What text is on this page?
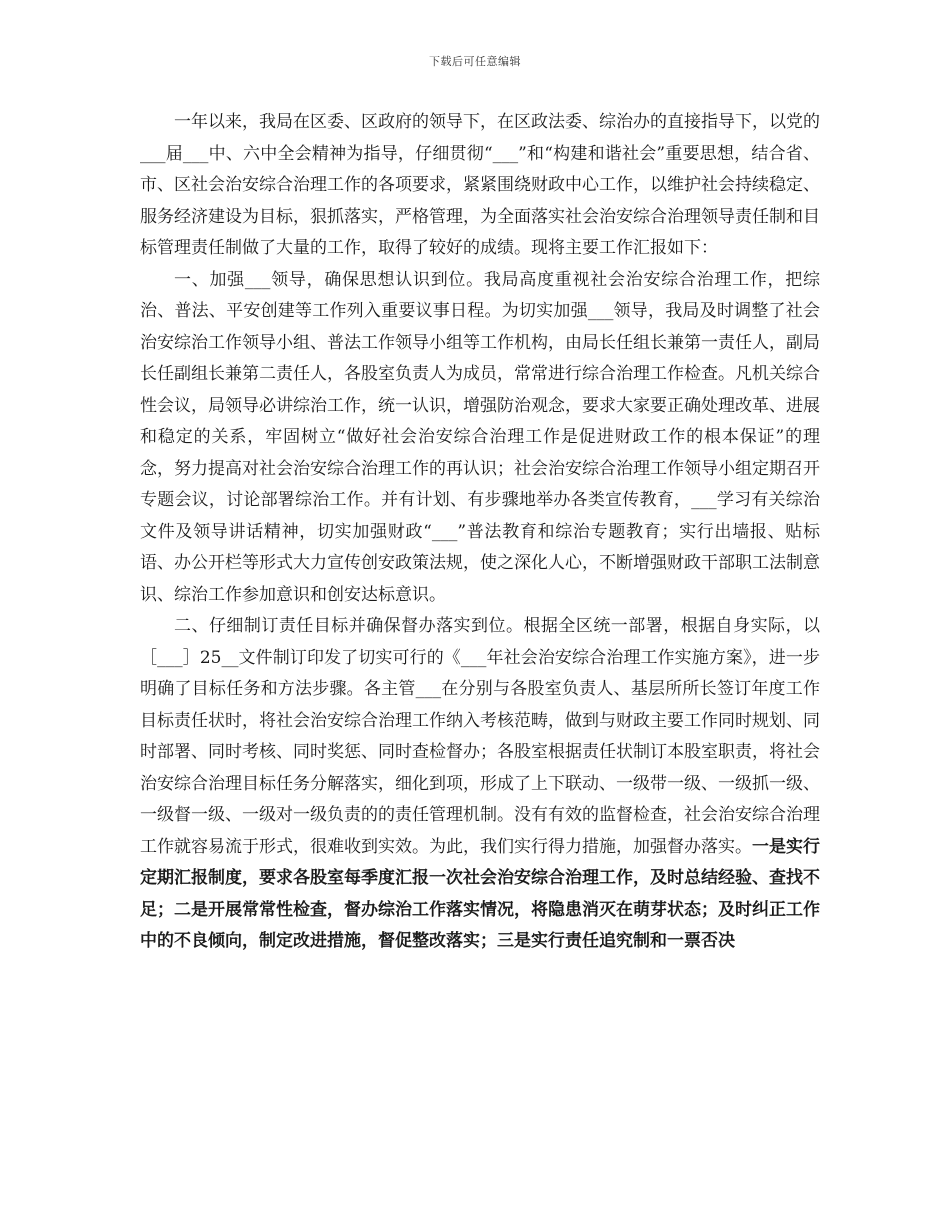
下载后可任意编辑

一年以来，我局在区委、区政府的领导下，在区政法委、综治办的直接指导下，以党的___届___中、六中全会精神为指导，仔细贯彻“___”和“构建和谐社会”重要思想，结合省、市、区社会治安综合治理工作的各项要求，紧紧围绕财政中心工作，以维护社会持续稳定、服务经济建设为目标，狠抓落实，严格管理，为全面落实社会治安综合治理领导责任制和目标管理责任制做了大量的工作，取得了较好的成绩。现将主要工作汇报如下：

一、加强___领导，确保思想认识到位。我局高度重视社会治安综合治理工作，把综治、普法、平安创建等工作列入重要议事日程。为切实加强___领导，我局及时调整了社会治安综治工作领导小组、普法工作领导小组等工作机构，由局长任组长兼第一责任人，副局长任副组长兼第二责任人，各股室负责人为成员，常常进行综合治理工作检查。凡机关综合性会议，局领导必讲综治工作，统一认识，增强防治观念，要求大家要正确处理改革、进展和稳定的关系，牢固树立“做好社会治安综合治理工作是促进财政工作的根本保证”的理念，努力提高对社会治安综合治理工作的再认识；社会治安综合治理工作领导小组定期召开专题会议，讨论部署综治工作。并有计划、有步骤地举办各类宣传教育，___学习有关综治文件及领导讲话精神，切实加强财政“___”普法教育和综治专题教育；实行出墙报、贴标语、办公开栏等形式大力宣传创安政策法规，使之深化人心，不断增强财政干部职工法制意识、综治工作参加意识和创安达标意识。

二、仔细制订责任目标并确保督办落实到位。根据全区统一部署，根据自身实际，以［___］25__文件制订印发了切实可行的《___年社会治安综合治理工作实施方案》，进一步明确了目标任务和方法步骤。各主管___在分别与各股室负责人、基层所所长签订年度工作目标责任状时，将社会治安综合治理工作纳入考核范畴，做到与财政主要工作同时规划、同时部署、同时考核、同时奖惩、同时查检督办；各股室根据责任状制订本股室职责，将社会治安综合治理目标任务分解落实，细化到项，形成了上下联动、一级带一级、一级抓一级、一级督一级、一级对一级负责的的责任管理机制。没有有效的监督检查，社会治安综合治理工作就容易流于形式，很难收到实效。为此，我们实行得力措施，加强督办落实。一是实行定期汇报制度，要求各股室每季度汇报一次社会治安综合治理工作，及时总结经验、查找不足；二是开展常常性检查，督办综治工作落实情况，将隐患消灭在萌芽状态；及时纠正工作中的不良倾向，制定改进措施，督促整改落实；三是实行责任追究制和一票否决
